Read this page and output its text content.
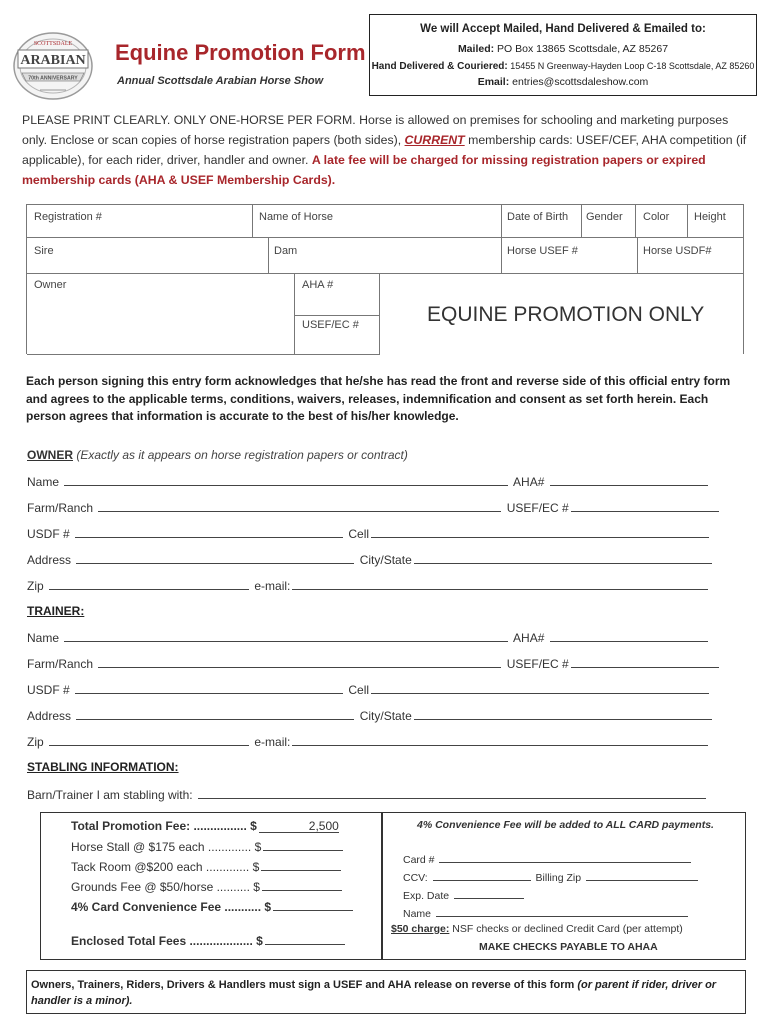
SCOTTSDALE
ARABIAN
70th ANNIVERSARY
Equine Promotion Form
Annual Scottsdale Arabian Horse Show
We will Accept Mailed, Hand Delivered & Emailed to:
Mailed: PO Box 13865 Scottsdale, AZ 85267
Hand Delivered & Couriered: 15455 N Greenway-Hayden Loop C-18 Scottsdale, AZ 85260
Email: entries@scottsdaleshow.com
PLEASE PRINT CLEARLY. ONLY ONE-HORSE PER FORM. Horse is allowed on premises for schooling and marketing purposes only. Enclose or scan copies of horse registration papers (both sides), CURRENT membership cards: USEF/CEF, AHA competition (if applicable), for each rider, driver, handler and owner. A late fee will be charged for missing registration papers or expired membership cards (AHA & USEF Membership Cards).
Registration #	Name of Horse	Date of Birth Gender Color Height
Sire	Dam	Horse USEF #	Horse USDF#
Owner	AHA #
USEF/EC #	EQUINE PROMOTION ONLY
Each person signing this entry form acknowledges that he/she has read the front and reverse side of this official entry form and agrees to the applicable terms, conditions, waivers, releases, indemnification and consent as set forth herein. Each person agrees that information is accurate to the best of his/her knowledge.
OWNER (Exactly as it appears on horse registration papers or contract)
Name	AHA#
Farm/Ranch	USEF/EC #
USDF #	Cell
Address	City/State
Zip	e-mail:
TRAINER:
Name	AHA#
Farm/Ranch	USEF/EC #
USDF #	Cell
Address	City/State
Zip	e-mail:
STABLING INFORMATION:
Barn/Trainer I am stabling with:
Total Promotion Fee: ................ $	2,500
Horse Stall @ $175 each ............. $
Tack Room @$200 each ............. $
Grounds Fee @ $50/horse .......... $
4% Card Convenience Fee ........... $
Enclosed Total Fees ................... $
4% Convenience Fee will be added to ALL CARD payments.
Card #
CCV:	Billing Zip
Exp. Date
Name
$50 charge: NSF checks or declined Credit Card (per attempt)
MAKE CHECKS PAYABLE TO AHAA
Owners, Trainers, Riders, Drivers & Handlers must sign a USEF and AHA release on reverse of this form (or parent if rider, driver or handler is a minor).
